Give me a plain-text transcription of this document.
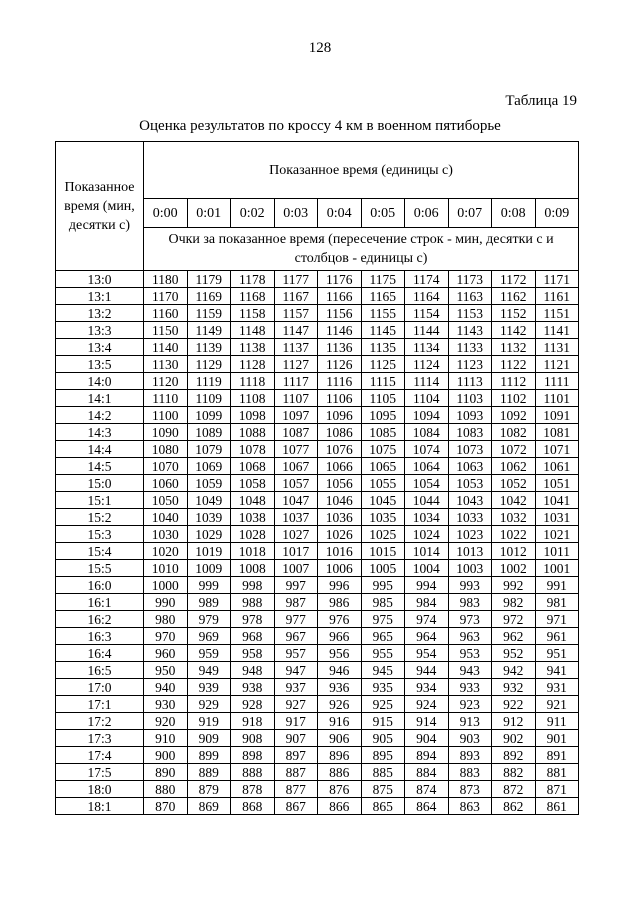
128
Таблица 19
Оценка результатов по кроссу 4 км в военном пятиборье
Показанное время (мин, десятки с)	Показанное время (единицы с)									
	0:00	0:01	0:02	0:03	0:04	0:05	0:06	0:07	0:08	0:09
	Очки за показанное время (пересечение строк - мин, десятки с и столбцов - единицы с)									
13:0	1180	1179	1178	1177	1176	1175	1174	1173	1172	1171
13:1	1170	1169	1168	1167	1166	1165	1164	1163	1162	1161
13:2	1160	1159	1158	1157	1156	1155	1154	1153	1152	1151
13:3	1150	1149	1148	1147	1146	1145	1144	1143	1142	1141
13:4	1140	1139	1138	1137	1136	1135	1134	1133	1132	1131
13:5	1130	1129	1128	1127	1126	1125	1124	1123	1122	1121
14:0	1120	1119	1118	1117	1116	1115	1114	1113	1112	1111
14:1	1110	1109	1108	1107	1106	1105	1104	1103	1102	1101
14:2	1100	1099	1098	1097	1096	1095	1094	1093	1092	1091
14:3	1090	1089	1088	1087	1086	1085	1084	1083	1082	1081
14:4	1080	1079	1078	1077	1076	1075	1074	1073	1072	1071
14:5	1070	1069	1068	1067	1066	1065	1064	1063	1062	1061
15:0	1060	1059	1058	1057	1056	1055	1054	1053	1052	1051
15:1	1050	1049	1048	1047	1046	1045	1044	1043	1042	1041
15:2	1040	1039	1038	1037	1036	1035	1034	1033	1032	1031
15:3	1030	1029	1028	1027	1026	1025	1024	1023	1022	1021
15:4	1020	1019	1018	1017	1016	1015	1014	1013	1012	1011
15:5	1010	1009	1008	1007	1006	1005	1004	1003	1002	1001
16:0	1000	999	998	997	996	995	994	993	992	991
16:1	990	989	988	987	986	985	984	983	982	981
16:2	980	979	978	977	976	975	974	973	972	971
16:3	970	969	968	967	966	965	964	963	962	961
16:4	960	959	958	957	956	955	954	953	952	951
16:5	950	949	948	947	946	945	944	943	942	941
17:0	940	939	938	937	936	935	934	933	932	931
17:1	930	929	928	927	926	925	924	923	922	921
17:2	920	919	918	917	916	915	914	913	912	911
17:3	910	909	908	907	906	905	904	903	902	901
17:4	900	899	898	897	896	895	894	893	892	891
17:5	890	889	888	887	886	885	884	883	882	881
18:0	880	879	878	877	876	875	874	873	872	871
18:1	870	869	868	867	866	865	864	863	862	861
